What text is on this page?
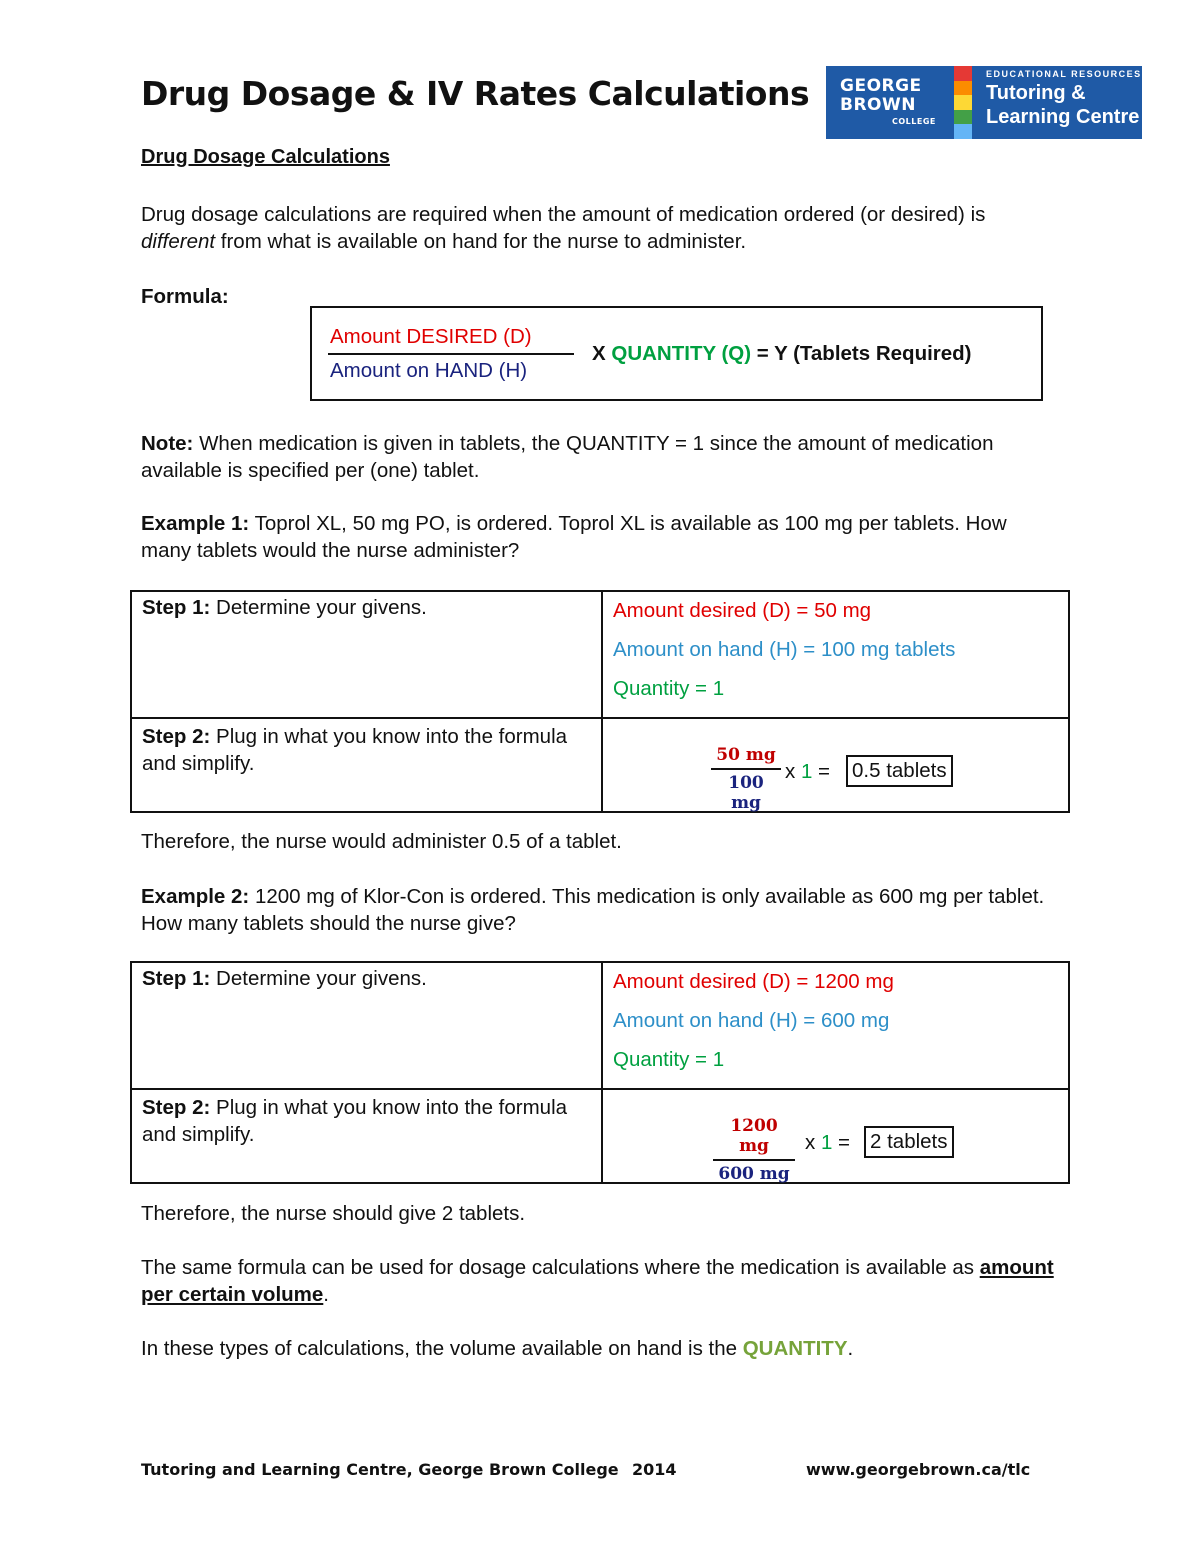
Drug Dosage & IV Rates Calculations GEORGE
BROWN
COLLEGE
EDUCATIONAL RESOURCES
Tutoring &
Learning Centre
Drug Dosage Calculations
Drug dosage calculations are required when the amount of medication ordered (or desired) is different from what is available on hand for the nurse to administer.
Formula:
Amount DESIRED (D)
Amount on HAND (H)
X QUANTITY (Q) = Y (Tablets Required)
Note: When medication is given in tablets, the QUANTITY = 1 since the amount of medication available is specified per (one) tablet.
Example 1: Toprol XL, 50 mg PO, is ordered. Toprol XL is available as 100 mg per tablets. How many tablets would the nurse administer?
Step 1: Determine your givens.	Amount desired (D) = 50 mg
Amount on hand (H) = 100 mg tablets
Quantity = 1

Step 2: Plug in what you know into the formula and simplify.	50 mg
100 mg
x 1 = 0.5 tablets
Therefore, the nurse would administer 0.5 of a tablet.
Example 2: 1200 mg of Klor-Con is ordered. This medication is only available as 600 mg per tablet. How many tablets should the nurse give?
Step 1: Determine your givens.	Amount desired (D) = 1200 mg
Amount on hand (H) = 600 mg
Quantity = 1

Step 2: Plug in what you know into the formula and simplify.	1200 mg
600 mg
x 1 = 2 tablets
Therefore, the nurse should give 2 tablets.
The same formula can be used for dosage calculations where the medication is available as amount per certain volume.
In these types of calculations, the volume available on hand is the QUANTITY.
Tutoring and Learning Centre, George Brown College 2014	www.georgebrown.ca/tlc
